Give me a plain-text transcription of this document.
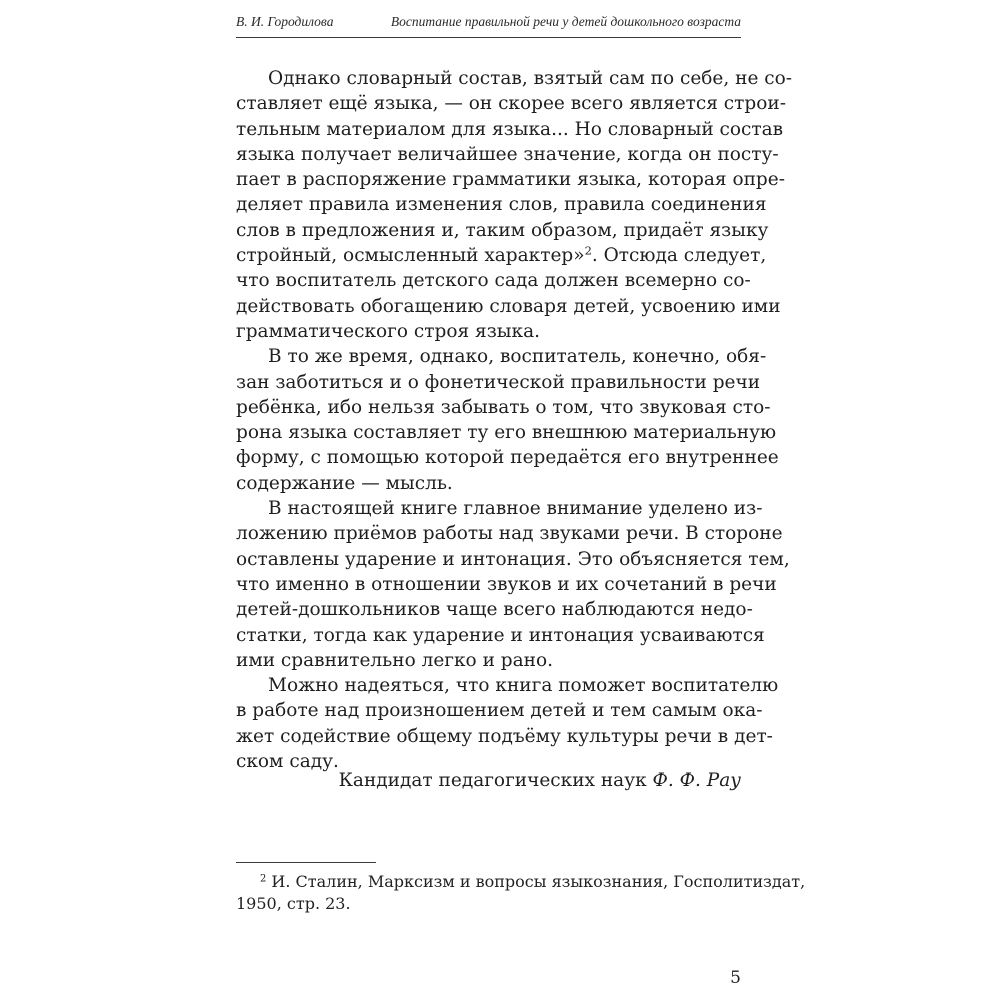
В. И. Городилова	Воспитание правильной речи у детей дошкольного возраста
Однако словарный состав, взятый сам по себе, не со-
ставляет ещё языка, — он скорее всего является строи-
тельным материалом для языка... Но словарный состав
языка получает величайшее значение, когда он посту-
пает в распоряжение грамматики языка, которая опре-
деляет правила изменения слов, правила соединения
слов в предложения и, таким образом, придаёт языку
стройный, осмысленный характер»$^2$. Отсюда следует,
что воспитатель детского сада должен всемерно со-
действовать обогащению словаря детей, усвоению ими
грамматического строя языка.
В то же время, однако, воспитатель, конечно, обя-
зан заботиться и о фонетической правильности речи
ребёнка, ибо нельзя забывать о том, что звуковая сто-
рона языка составляет ту его внешнюю материальную
форму, с помощью которой передаётся его внутреннее
содержание — мысль.
В настоящей книге главное внимание уделено из-
ложению приёмов работы над звуками речи. В стороне
оставлены ударение и интонация. Это объясняется тем,
что именно в отношении звуков и их сочетаний в речи
детей-дошкольников чаще всего наблюдаются недо-
статки, тогда как ударение и интонация усваиваются
ими сравнительно легко и рано.
Можно надеяться, что книга поможет воспитателю
в работе над произношением детей и тем самым ока-
жет содействие общему подъёму культуры речи в дет-
ском саду.
Кандидат педагогических наук Ф. Ф. Рау
$^2$ И. Сталин, Марксизм и вопросы языкознания, Госполитиздат,
1950, стр. 23.
5
